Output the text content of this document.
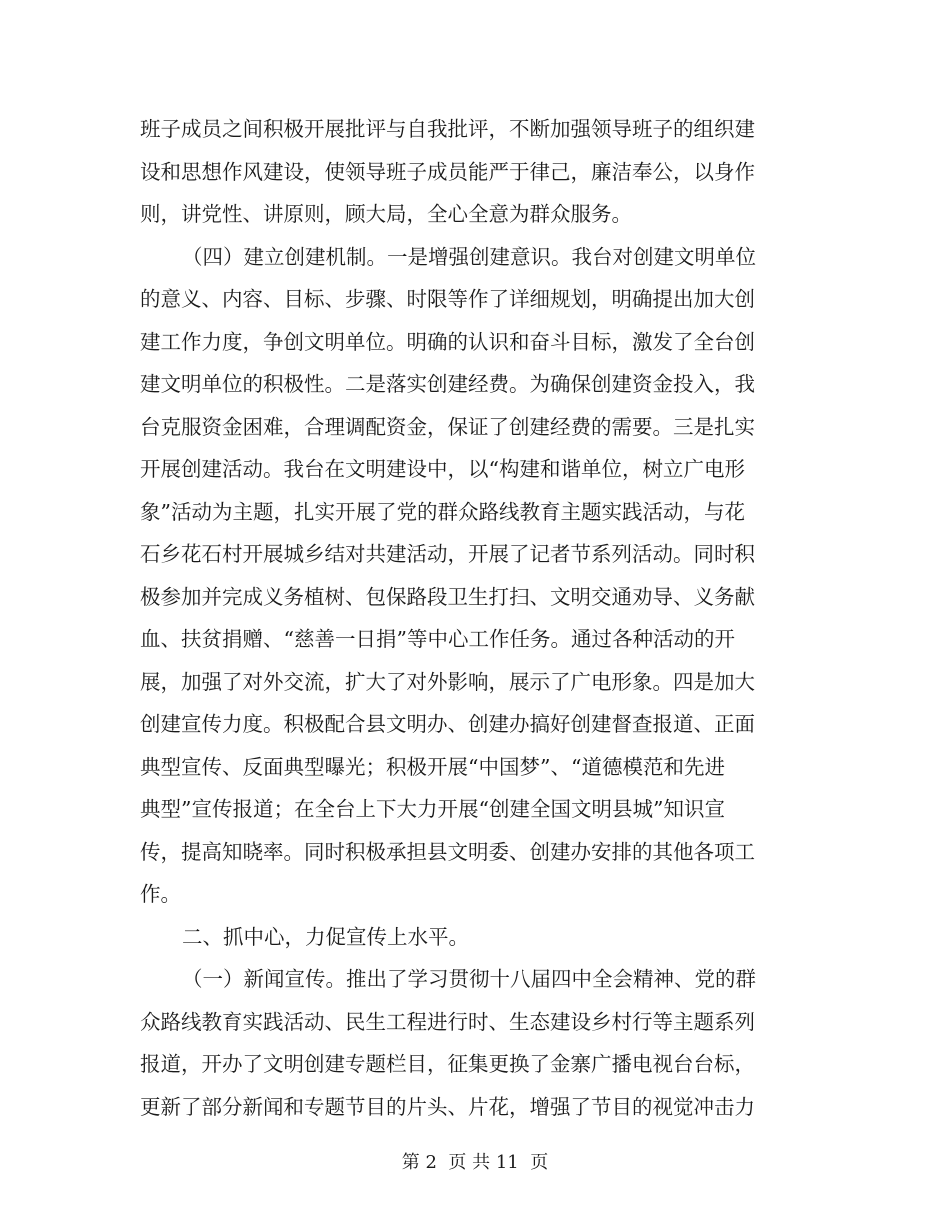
班子成员之间积极开展批评与自我批评，不断加强领导班子的组织建
设和思想作风建设，使领导班子成员能严于律己，廉洁奉公，以身作
则，讲党性、讲原则，顾大局，全心全意为群众服务。
（四）建立创建机制。一是增强创建意识。我台对创建文明单位
的意义、内容、目标、步骤、时限等作了详细规划，明确提出加大创
建工作力度，争创文明单位。明确的认识和奋斗目标，激发了全台创
建文明单位的积极性。二是落实创建经费。为确保创建资金投入，我
台克服资金困难，合理调配资金，保证了创建经费的需要。三是扎实
开展创建活动。我台在文明建设中，以“构建和谐单位，树立广电形
象”活动为主题，扎实开展了党的群众路线教育主题实践活动，与花
石乡花石村开展城乡结对共建活动，开展了记者节系列活动。同时积
极参加并完成义务植树、包保路段卫生打扫、文明交通劝导、义务献
血、扶贫捐赠、“慈善一日捐”等中心工作任务。通过各种活动的开
展，加强了对外交流，扩大了对外影响，展示了广电形象。四是加大
创建宣传力度。积极配合县文明办、创建办搞好创建督查报道、正面
典型宣传、反面典型曝光；积极开展“中国梦”、“道德模范和先进
典型”宣传报道；在全台上下大力开展“创建全国文明县城”知识宣
传，提高知晓率。同时积极承担县文明委、创建办安排的其他各项工
作。
二、抓中心，力促宣传上水平。
（一）新闻宣传。推出了学习贯彻十八届四中全会精神、党的群
众路线教育实践活动、民生工程进行时、生态建设乡村行等主题系列
报道，开办了文明创建专题栏目，征集更换了金寨广播电视台台标，
更新了部分新闻和专题节目的片头、片花，增强了节目的视觉冲击力
第 2  页 共 11  页
